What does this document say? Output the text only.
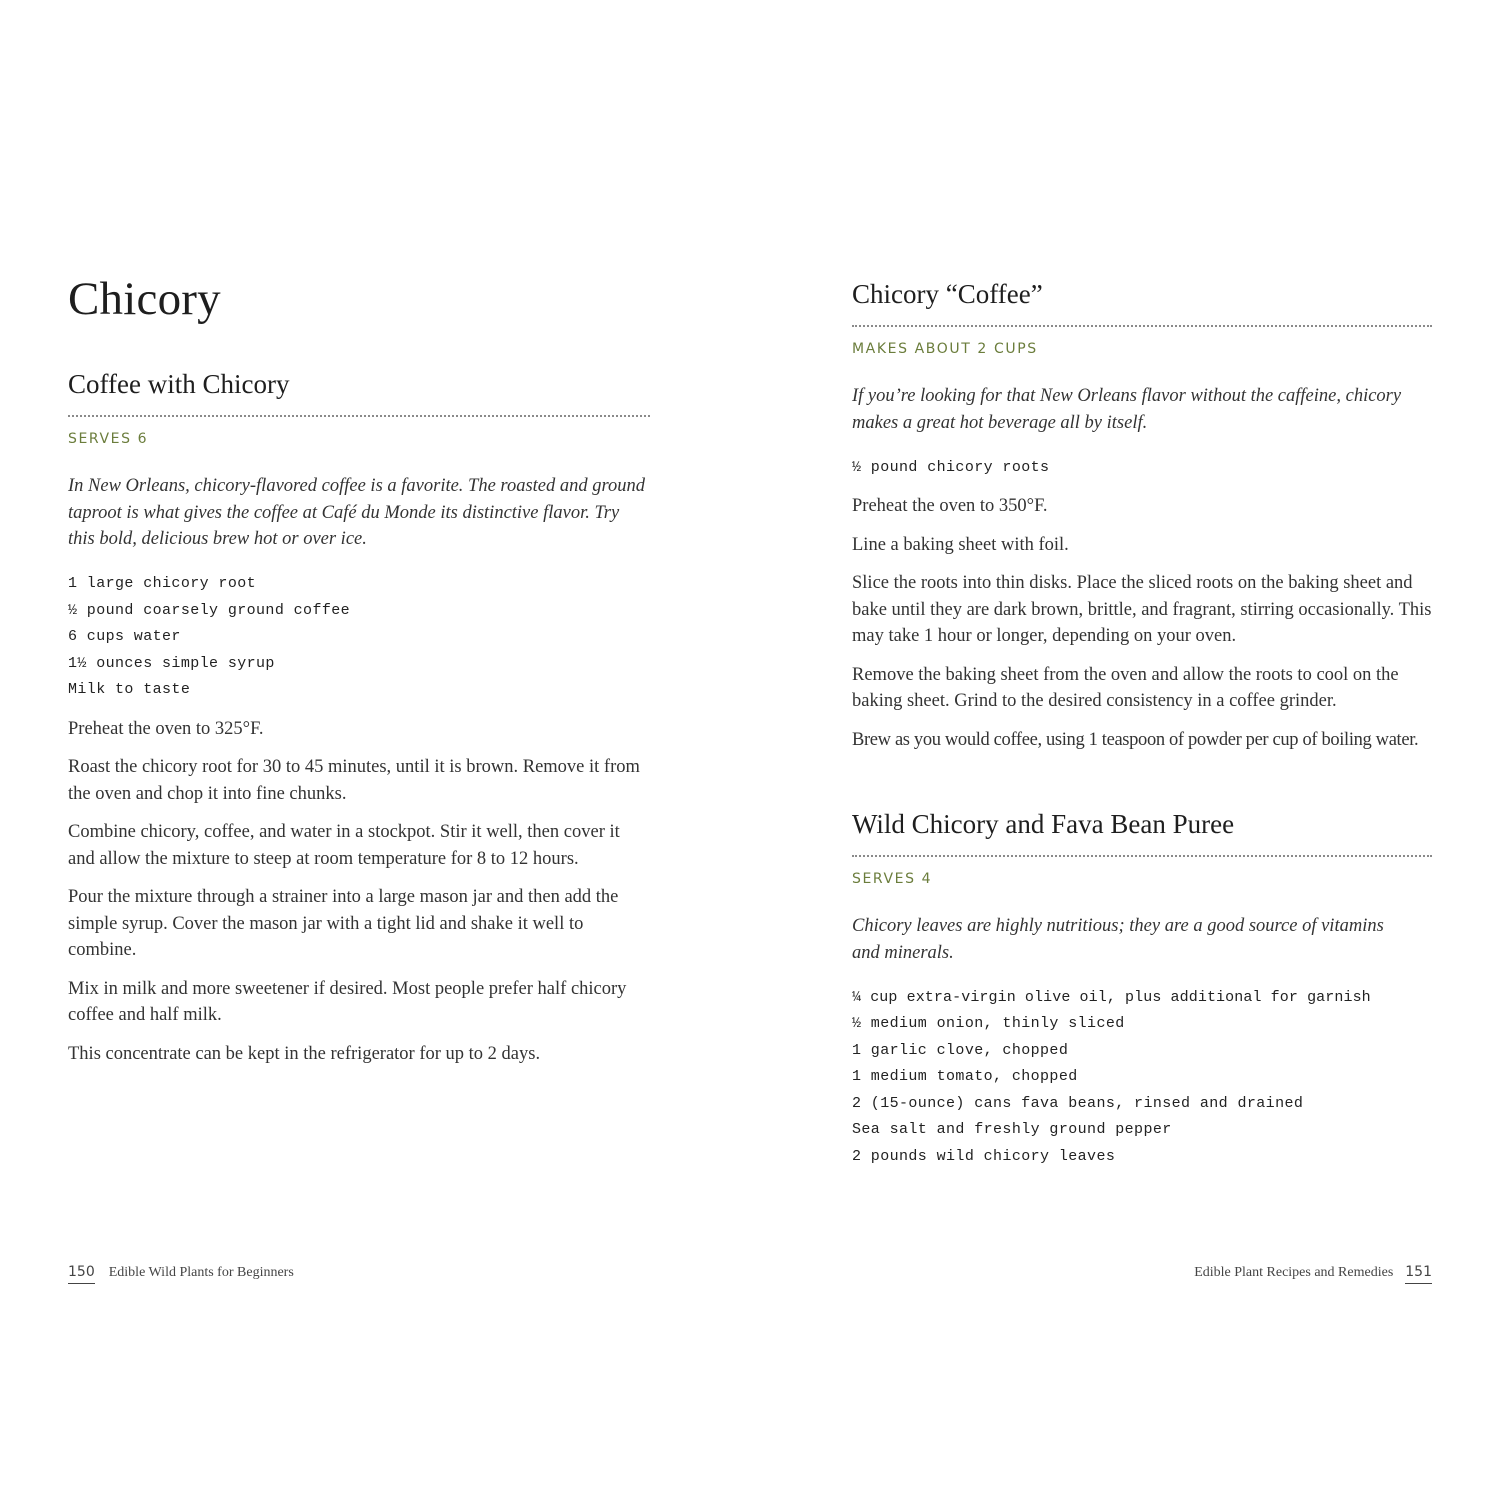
Chicory
Coffee with Chicory
SERVES 6

In New Orleans, chicory-flavored coffee is a favorite. The roasted and ground taproot is what gives the coffee at Café du Monde its distinctive flavor. Try this bold, delicious brew hot or over ice.

1 large chicory root
½ pound coarsely ground coffee
6 cups water
1½ ounces simple syrup
Milk to taste

Preheat the oven to 325°F.

Roast the chicory root for 30 to 45 minutes, until it is brown. Remove it from the oven and chop it into fine chunks.

Combine chicory, coffee, and water in a stockpot. Stir it well, then cover it and allow the mixture to steep at room temperature for 8 to 12 hours.

Pour the mixture through a strainer into a large mason jar and then add the simple syrup. Cover the mason jar with a tight lid and shake it well to combine.

Mix in milk and more sweetener if desired. Most people prefer half chicory coffee and half milk.

This concentrate can be kept in the refrigerator for up to 2 days.

Chicory “Coffee”
MAKES ABOUT 2 CUPS

If you’re looking for that New Orleans flavor without the caffeine, chicory makes a great hot beverage all by itself.

½ pound chicory roots

Preheat the oven to 350°F.

Line a baking sheet with foil.

Slice the roots into thin disks. Place the sliced roots on the baking sheet and bake until they are dark brown, brittle, and fragrant, stirring occasionally. This may take 1 hour or longer, depending on your oven.

Remove the baking sheet from the oven and allow the roots to cool on the baking sheet. Grind to the desired consistency in a coffee grinder.

Brew as you would coffee, using 1 teaspoon of powder per cup of boiling water.

Wild Chicory and Fava Bean Puree
SERVES 4

Chicory leaves are highly nutritious; they are a good source of vitamins and minerals.

¼ cup extra-virgin olive oil, plus additional for garnish
½ medium onion, thinly sliced
1 garlic clove, chopped
1 medium tomato, chopped
2 (15-ounce) cans fava beans, rinsed and drained
Sea salt and freshly ground pepper
2 pounds wild chicory leaves
150 Edible Wild Plants for Beginners	Edible Plant Recipes and Remedies 151
